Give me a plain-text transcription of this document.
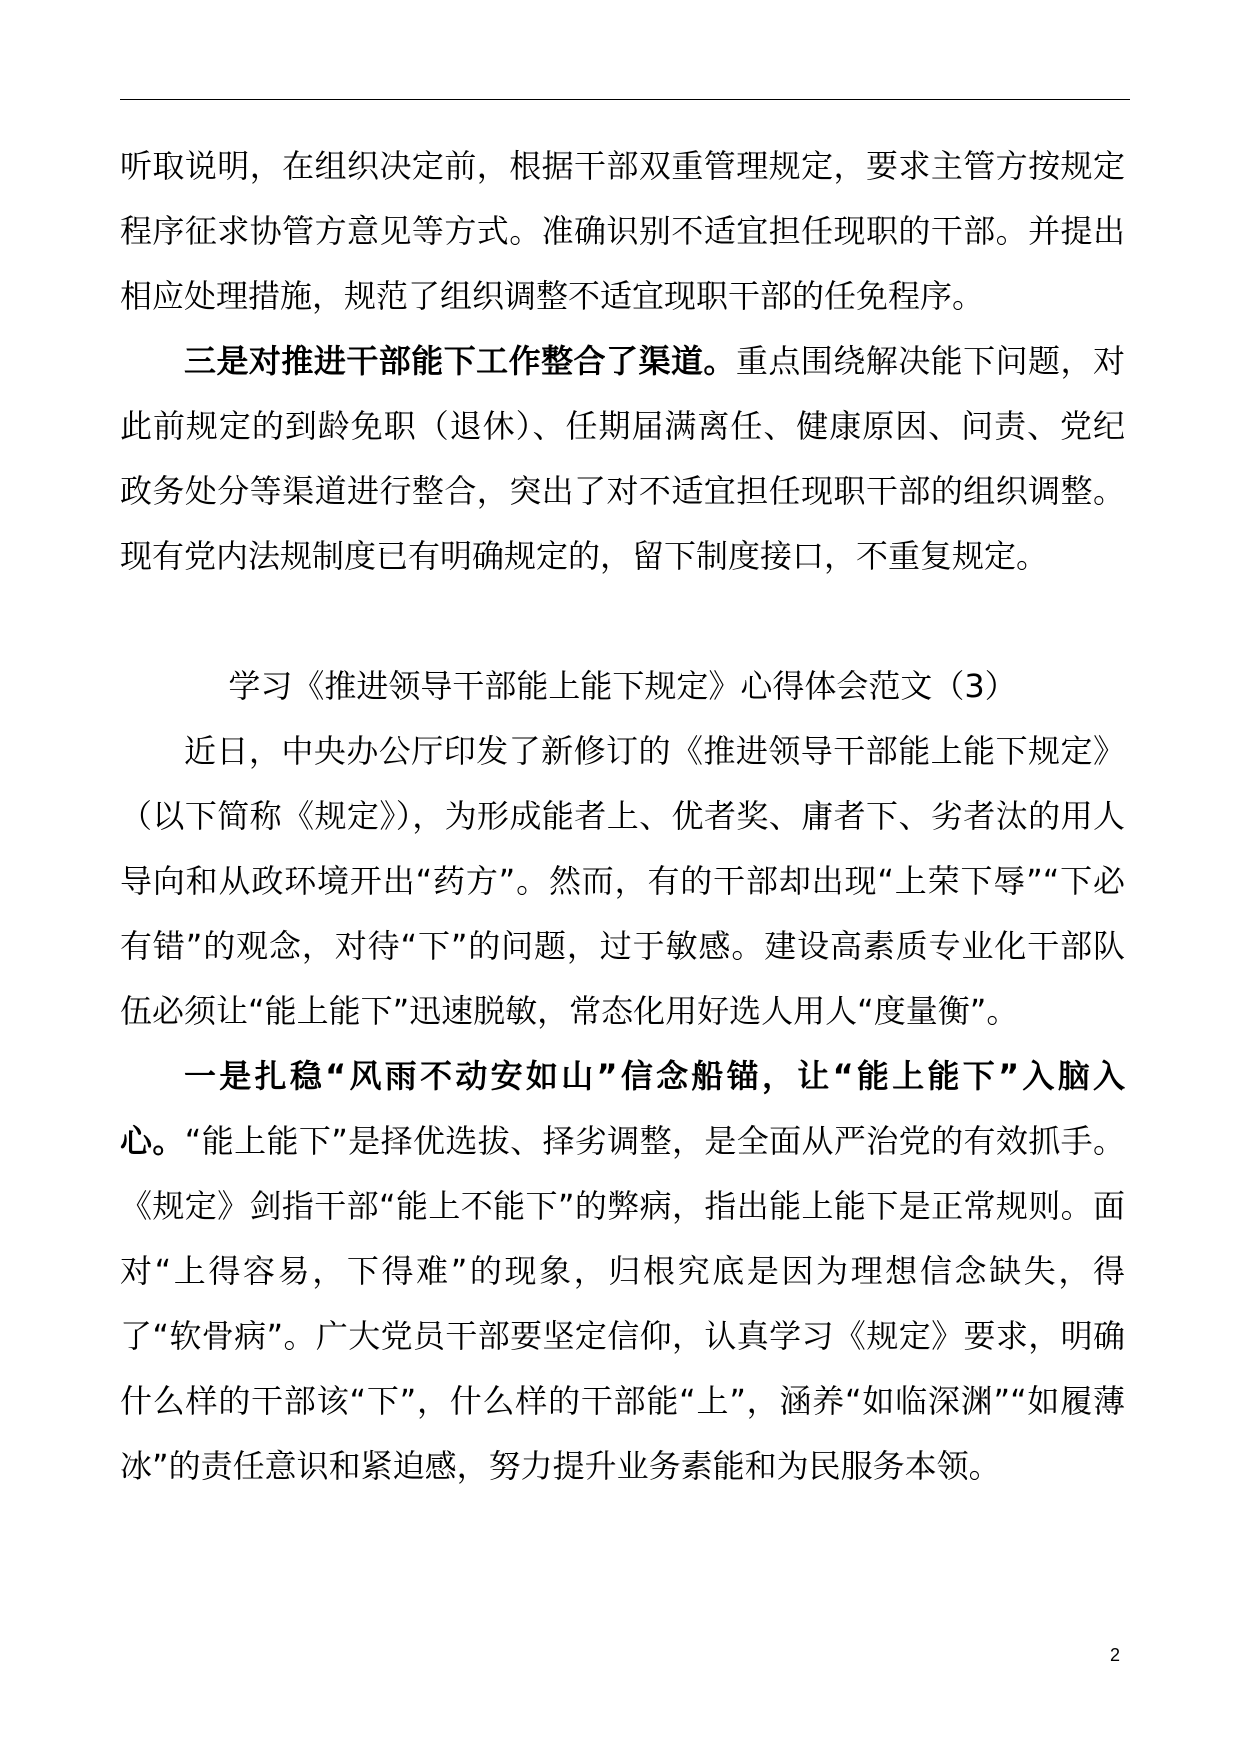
听取说明，在组织决定前，根据干部双重管理规定，要求主管方按规定程序征求协管方意见等方式。准确识别不适宜担任现职的干部。并提出相应处理措施，规范了组织调整不适宜现职干部的任免程序。

三是对推进干部能下工作整合了渠道。重点围绕解决能下问题，对此前规定的到龄免职（退休）、任期届满离任、健康原因、问责、党纪政务处分等渠道进行整合，突出了对不适宜担任现职干部的组织调整。现有党内法规制度已有明确规定的，留下制度接口，不重复规定。

学习《推进领导干部能上能下规定》心得体会范文（3）

近日，中央办公厅印发了新修订的《推进领导干部能上能下规定》（以下简称《规定》），为形成能者上、优者奖、庸者下、劣者汰的用人导向和从政环境开出“药方”。然而，有的干部却出现“上荣下辱”“下必有错”的观念，对待“下”的问题，过于敏感。建设高素质专业化干部队伍必须让“能上能下”迅速脱敏，常态化用好选人用人“度量衡”。

一是扎稳“风雨不动安如山”信念船锚，让“能上能下”入脑入心。“能上能下”是择优选拔、择劣调整，是全面从严治党的有效抓手。《规定》剑指干部“能上不能下”的弊病，指出能上能下是正常规则。面对“上得容易，下得难”的现象，归根究底是因为理想信念缺失，得了“软骨病”。广大党员干部要坚定信仰，认真学习《规定》要求，明确什么样的干部该“下”，什么样的干部能“上”，涵养“如临深渊”“如履薄冰”的责任意识和紧迫感，努力提升业务素能和为民服务本领。

2
